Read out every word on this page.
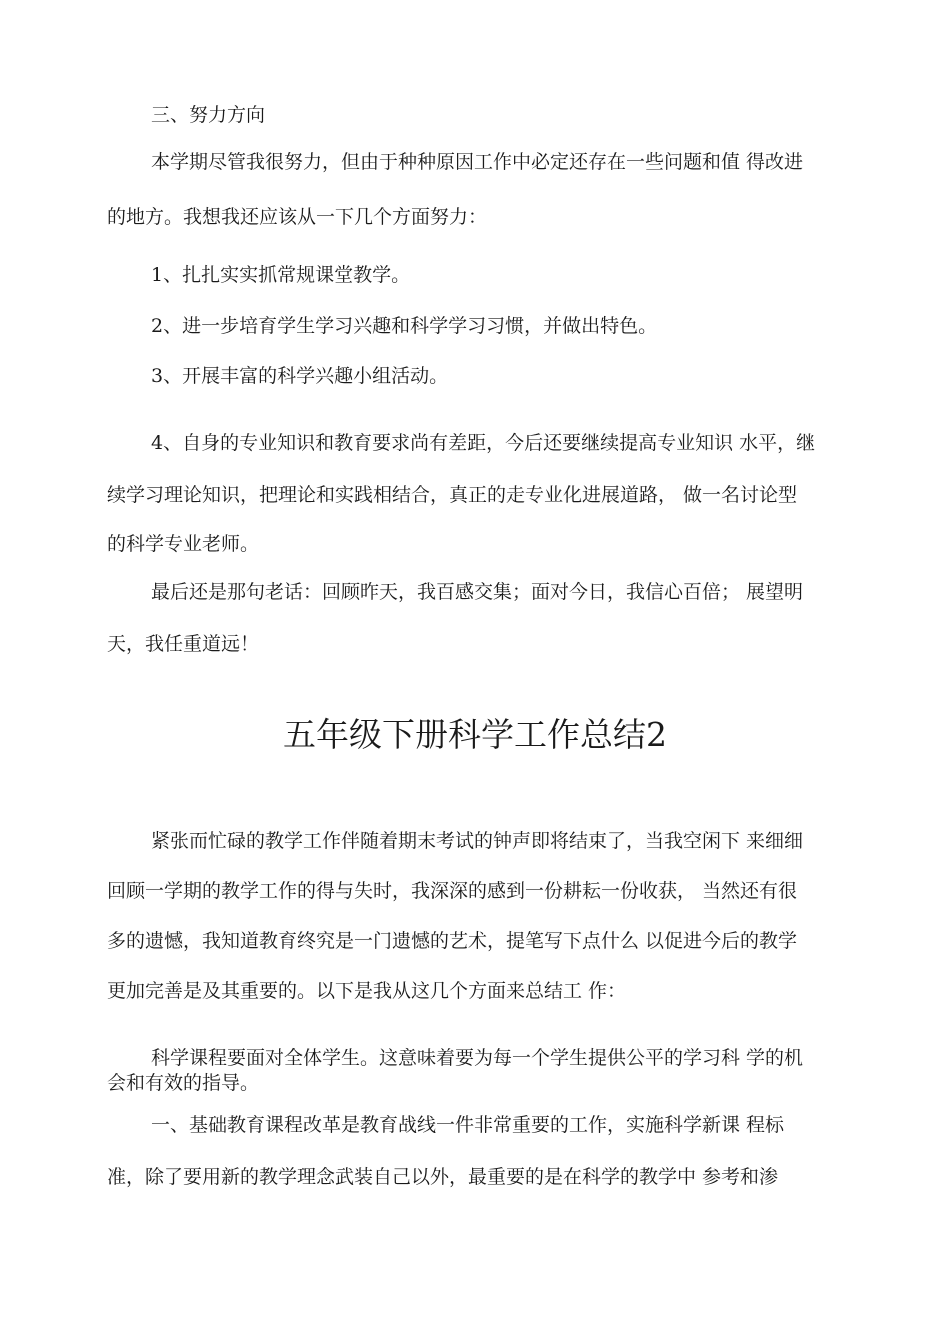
三、努力方向
本学期尽管我很努力，但由于种种原因工作中必定还存在一些问题和值 得改进
的地方。我想我还应该从一下几个方面努力：
1、扎扎实实抓常规课堂教学。
2、进一步培育学生学习兴趣和科学学习习惯，并做出特色。
3、开展丰富的科学兴趣小组活动。
4、自身的专业知识和教育要求尚有差距，今后还要继续提高专业知识 水平，继
续学习理论知识，把理论和实践相结合，真正的走专业化进展道路， 做一名讨论型
的科学专业老师。
最后还是那句老话：回顾昨天，我百感交集；面对今日，我信心百倍； 展望明
天，我任重道远！
五年级下册科学工作总结2
紧张而忙碌的教学工作伴随着期末考试的钟声即将结束了，当我空闲下 来细细
回顾一学期的教学工作的得与失时，我深深的感到一份耕耘一份收获， 当然还有很
多的遗憾，我知道教育终究是一门遗憾的艺术，提笔写下点什么 以促进今后的教学
更加完善是及其重要的。以下是我从这几个方面来总结工 作：
科学课程要面对全体学生。这意味着要为每一个学生提供公平的学习科 学的机
会和有效的指导。
一、基础教育课程改革是教育战线一件非常重要的工作，实施科学新课 程标
准，除了要用新的教学理念武装自己以外，最重要的是在科学的教学中 参考和渗
